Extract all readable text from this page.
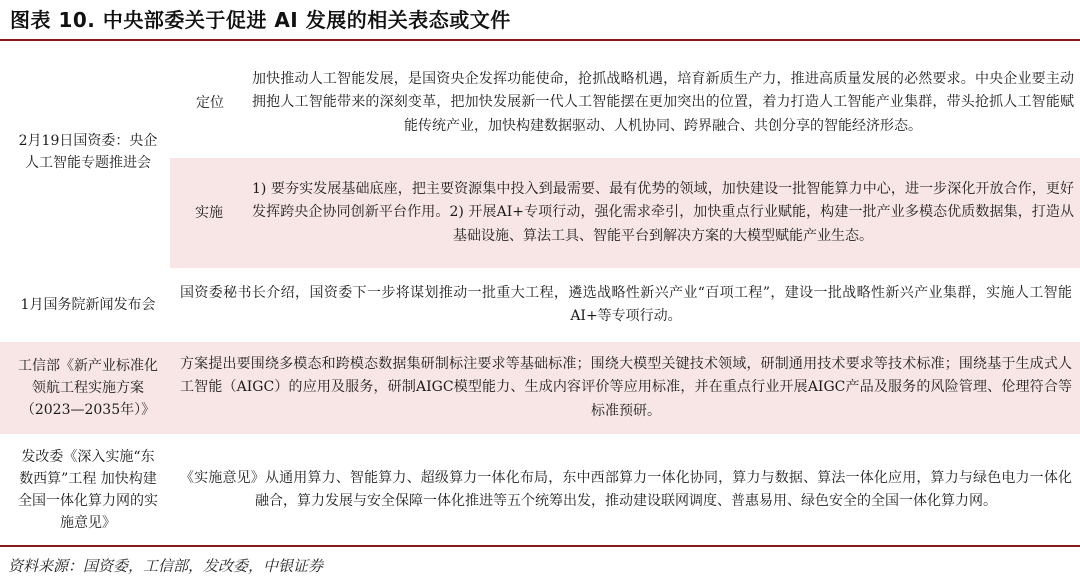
图表 10. 中央部委关于促进 AI 发展的相关表态或文件
2月19日国资委：央企人工智能专题推进会
定位
加快推动人工智能发展，是国资央企发挥功能使命，抢抓战略机遇，培育新质生产力，推进高质量发展的必然要求。中央企业要主动拥抱人工智能带来的深刻变革，把加快发展新一代人工智能摆在更加突出的位置，着力打造人工智能产业集群，带头抢抓人工智能赋能传统产业，加快构建数据驱动、人机协同、跨界融合、共创分享的智能经济形态。
实施
1) 要夯实发展基础底座，把主要资源集中投入到最需要、最有优势的领域，加快建设一批智能算力中心，进一步深化开放合作，更好发挥跨央企协同创新平台作用。2) 开展AI+专项行动，强化需求牵引，加快重点行业赋能，构建一批产业多模态优质数据集，打造从基础设施、算法工具、智能平台到解决方案的大模型赋能产业生态。
1月国务院新闻发布会
国资委秘书长介绍，国资委下一步将谋划推动一批重大工程，遴选战略性新兴产业“百项工程”，建设一批战略性新兴产业集群，实施人工智能AI+等专项行动。
工信部《新产业标准化领航工程实施方案（2023—2035年）》
方案提出要围绕多模态和跨模态数据集研制标注要求等基础标准；围绕大模型关键技术领域，研制通用技术要求等技术标准；围绕基于生成式人工智能（AIGC）的应用及服务，研制AIGC模型能力、生成内容评价等应用标准，并在重点行业开展AIGC产品及服务的风险管理、伦理符合等标准预研。
发改委《深入实施“东数西算”工程 加快构建全国一体化算力网的实施意见》
《实施意见》从通用算力、智能算力、超级算力一体化布局，东中西部算力一体化协同，算力与数据、算法一体化应用，算力与绿色电力一体化融合，算力发展与安全保障一体化推进等五个统筹出发，推动建设联网调度、普惠易用、绿色安全的全国一体化算力网。
资料来源：国资委，工信部，发改委，中银证券
